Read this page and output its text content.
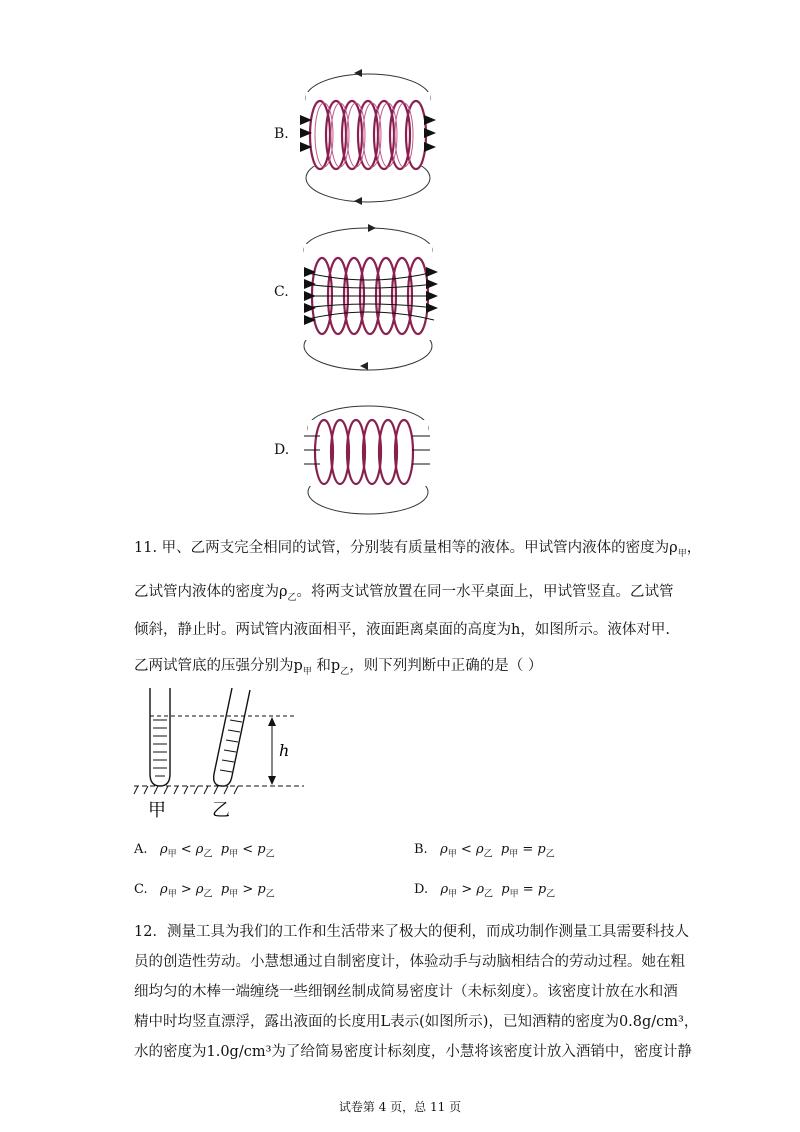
B.
C.
D.
11. 甲、乙两支完全相同的试管，分别装有质量相等的液体。甲试管内液体的密度为$\rho_甲$，
乙试管内液体的密度为$\rho_乙$。将两支试管放置在同一水平桌面上，甲试管竖直。乙试管
倾斜，静止时。两试管内液面相平，液面距离桌面的高度为h，如图所示。液体对甲.
乙两试管底的压强分别为$p_甲$ 和$p_乙$，则下列判断中正确的是（ ）
h
甲	乙
A. $\rho_甲 < \rho_乙$ $p_甲 < p_乙$	B. $\rho_甲 < \rho_乙$ $p_甲 = p_乙$
C. $\rho_甲 > \rho_乙$ $p_甲 > p_乙$	D. $\rho_甲 > \rho_乙$ $p_甲 = p_乙$
12．测量工具为我们的工作和生活带来了极大的便利，而成功制作测量工具需要科技人
员的创造性劳动。小慧想通过自制密度计，体验动手与动脑相结合的劳动过程。她在粗
细均匀的木棒一端缠绕一些细钢丝制成简易密度计（未标刻度）。该密度计放在水和酒
精中时均竖直漂浮，露出液面的长度用L表示(如图所示)，已知酒精的密度为0.8g/cm³，
水的密度为1.0g/cm³为了给简易密度计标刻度，小慧将该密度计放入酒销中，密度计静
试卷第 4 页，总 11 页
